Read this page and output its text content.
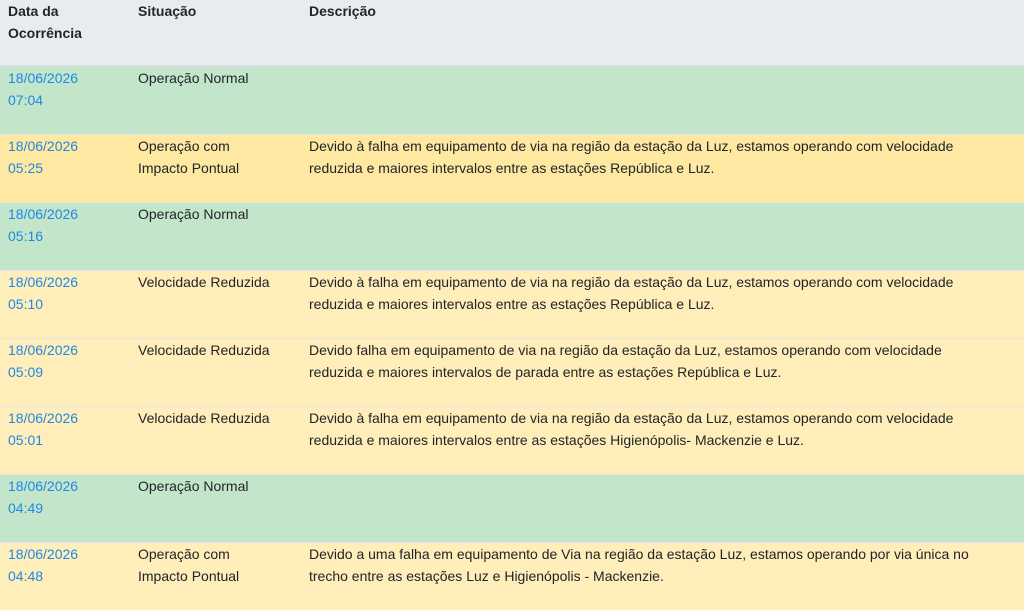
Data da
Ocorrência	Situação	Descrição
18/06/2026
07:04	Operação Normal	
18/06/2026
05:25	Operação com
Impacto Pontual	Devido à falha em equipamento de via na região da estação da Luz, estamos operando com velocidade
reduzida e maiores intervalos entre as estações República e Luz.
18/06/2026
05:16	Operação Normal	
18/06/2026
05:10	Velocidade Reduzida	Devido à falha em equipamento de via na região da estação da Luz, estamos operando com velocidade
reduzida e maiores intervalos entre as estações República e Luz.
18/06/2026
05:09	Velocidade Reduzida	Devido falha em equipamento de via na região da estação da Luz, estamos operando com velocidade
reduzida e maiores intervalos de parada entre as estações República e Luz.
18/06/2026
05:01	Velocidade Reduzida	Devido à falha em equipamento de via na região da estação da Luz, estamos operando com velocidade
reduzida e maiores intervalos entre as estações Higienópolis- Mackenzie e Luz.
18/06/2026
04:49	Operação Normal	
18/06/2026
04:48	Operação com
Impacto Pontual	Devido a uma falha em equipamento de Via na região da estação Luz, estamos operando por via única no
trecho entre as estações Luz e Higienópolis - Mackenzie.
